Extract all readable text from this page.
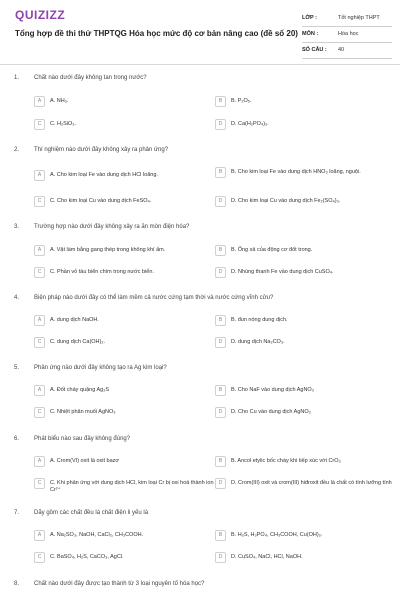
QUIZIZZ
Tổng hợp đề thi thử THPTQG Hóa học mức độ cơ bản nâng cao (đề số 20)
LỚP :	Tốt nghiệp THPT
MÔN :	Hóa học
SỐ CÂU : 40
1. Chất nào dưới đây không tan trong nước?
A	A. NH₃.	B	B. P₂O₅.
C	C. H₂SiO₃.	D	D. Ca(H₂PO₄)₂.
2. Thí nghiệm nào dưới đây không xảy ra phản ứng?
A	A. Cho kim loại Fe vào dung dịch HCl loãng.	B	B. Cho kim loại Fe vào dung dịch HNO₃ loãng, nguội.
C	C. Cho kim loại Cu vào dung dịch FeSO₄.	D	D. Cho kim loại Cu vào dung dịch Fe₂(SO₄)₃.
3. Trường hợp nào dưới đây không xảy ra ăn mòn điện hóa?
A	A. Vật làm bằng gang thép trong không khí ẩm.	B	B. Ống xả của động cơ đốt trong.
C	C. Phần vỏ tàu biển chìm trong nước biển.	D	D. Nhúng thanh Fe vào dung dịch CuSO₄.
4. Biện pháp nào dưới đây có thể làm mềm cả nước cứng tạm thời và nước cứng vĩnh cửu?
A	A. dung dịch NaOH.	B	B. đun nóng dung dịch.
C	C. dung dịch Ca(OH)₂.	D	D. dung dịch Na₂CO₃.
5. Phản ứng nào dưới đây không tạo ra Ag kim loại?
A	A. Đốt cháy quặng Ag₂S	B	B. Cho NaF vào dung dịch AgNO₃
C	C. Nhiệt phân muối AgNO₃	D	D. Cho Cu vào dung dịch AgNO₃
6. Phát biểu nào sau đây không đúng?
A	A. Crom(VI) oxit là oxit bazơ	B	B. Ancol etylic bốc cháy khi tiếp xúc với CrO₃
C	C. Khi phản ứng với dung dịch HCl, kim loại Cr bị oxi hoá thành ion Cr²⁺
D	D. Crom(III) oxit và crom(III) hiđroxit đều là chất có tính lưỡng tính
7. Dãy gồm các chất đều là chất điện li yếu là
A	A. Na₂SO₃, NaOH, CaCl₂, CH₃COOH.	B	B. H₂S, H₃PO₄, CH₃COOH, Cu(OH)₂.
C	C. BaSO₄, H₂S, CaCO₃, AgCl.	D	D. CuSO₄, NaCl, HCl, NaOH.
8. Chất nào dưới đây được tạo thành từ 3 loại nguyên tố hóa học?
